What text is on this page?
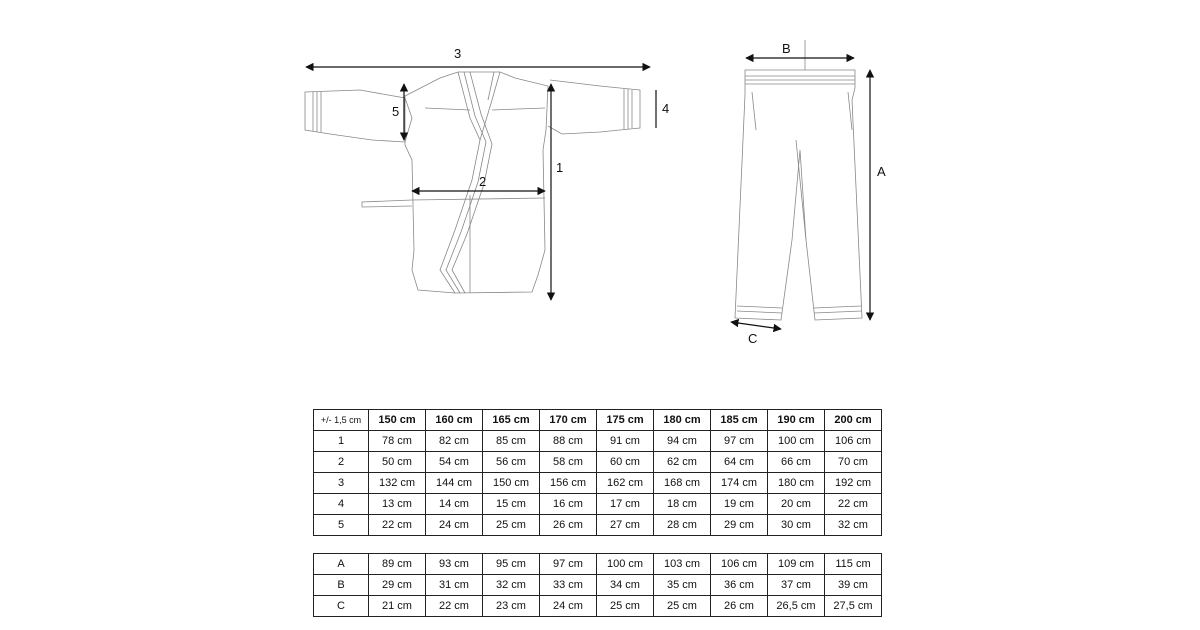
3
1
2
5	4
B
A
C
+/- 1,5 cm	150 cm	160 cm	165 cm	170 cm	175 cm	180 cm	185 cm	190 cm	200 cm
1	78 cm	82 cm	85 cm	88 cm	91 cm	94 cm	97 cm	100 cm	106 cm
2	50 cm	54 cm	56 cm	58 cm	60 cm	62 cm	64 cm	66 cm	70 cm
3	132 cm	144 cm	150 cm	156 cm	162 cm	168 cm	174 cm	180 cm	192 cm
4	13 cm	14 cm	15 cm	16 cm	17 cm	18 cm	19 cm	20 cm	22 cm
5	22 cm	24 cm	25 cm	26 cm	27 cm	28 cm	29 cm	30 cm	32 cm
A	89 cm	93 cm	95 cm	97 cm	100 cm	103 cm	106 cm	109 cm	115 cm
B	29 cm	31 cm	32 cm	33 cm	34 cm	35 cm	36 cm	37 cm	39 cm
C	21 cm	22 cm	23 cm	24 cm	25 cm	25 cm	26 cm	26,5 cm	27,5 cm
